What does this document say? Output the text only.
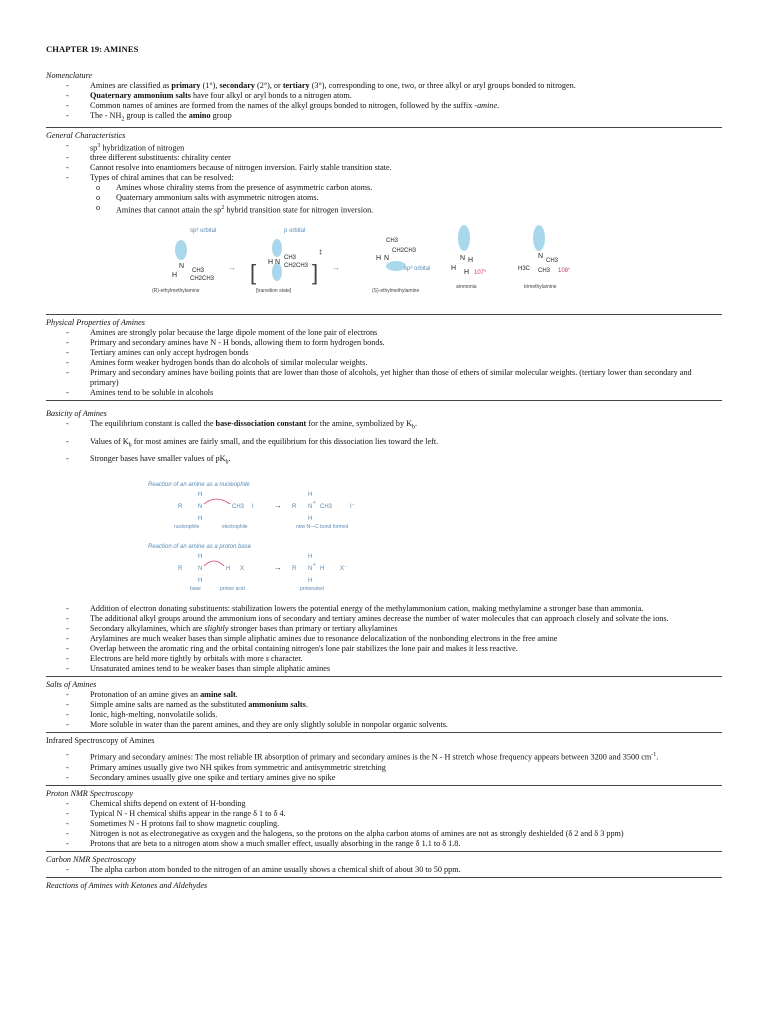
CHAPTER 19: AMINES
Nomenclature
- Amines are classified as primary (1°), secondary (2°), or tertiary (3°), corresponding to one, two, or three alkyl or aryl groups bonded to nitrogen.
- Quaternary ammonium salts have four alkyl or aryl bonds to a nitrogen atom.
- Common names of amines are formed from the names of the alkyl groups bonded to nitrogen, followed by the suffix -amine.
- The - $NH_2$ group is called the amino group
General Characteristics
- $sp^3$ hybridization of nitrogen
- three different substituents: chirality center
- Cannot resolve into enantiomers because of nitrogen inversion. Fairly stable transition state.
- Types of chiral amines that can be resolved:
o Amines whose chirality stems from the presence of asymmetric carbon atoms.
o Quaternary ammonium salts with asymmetric nitrogen atoms.
o Amines that cannot attain the $sp^2$ hybrid transition state for nitrogen inversion.
sp³ orbital
H
N
CH3
CH2CH3
(R)-ethylmethylamine
→ [
p orbital
H N
CH3
CH2CH3 ]
‡
[transition state]
→
CH3
H N
CH2CH3
sp³ orbital
(S)-ethylmethylamine
H
N H
H 107°
ammonia
N
CH3
H3C CH3 108°
trimethylamine
Physical Properties of Amines
- Amines are strongly polar because the large dipole moment of the lone pair of electrons
- Primary and secondary amines have N - H bonds, allowing them to form hydrogen bonds.
- Tertiary amines can only accept hydrogen bonds
- Amines form weaker hydrogen bonds than do alcohols of similar molecular weights.
- Primary and secondary amines have boiling points that are lower than those of alcohols, yet higher than those of ethers of similar molecular weights. (tertiary lower than secondary and primary)
- Amines tend to be soluble in alcohols
Basicity of Amines
- The equilibrium constant is called the base-dissociation constant for the amine, symbolized by $K_b$.
- Values of $K_b$ for most amines are fairly small, and the equilibrium for this dissociation lies toward the left.
- Stronger bases have smaller values of $pK_b$.
Reaction of an amine as a nucleophile
H
R	N
H
CH3 I
nucleophile	electrophile
→
H
R N
+
CH3
H
I⁻
new N—C bond formed
Reaction of an amine as a proton base
H
R	N
H
H X
base	proton acid
→
H
R N
+
H
H
X⁻
protonated
- Addition of electron donating substituents: stabilization lowers the potential energy of the methylammonium cation, making methylamine a stronger base than ammonia.
- The additional alkyl groups around the ammonium ions of secondary and tertiary amines decrease the number of water molecules that can approach closely and solvate the ions.
- Secondary alkylamines, which are slightly stronger bases than primary or tertiary alkylamines
- Arylamines are much weaker bases than simple aliphatic amines due to resonance delocalization of the nonbonding electrons in the free amine
- Overlap between the aromatic ring and the orbital containing nitrogen's lone pair stabilizes the lone pair and makes it less reactive.
- Electrons are held more tightly by orbitals with more s character.
- Unsaturated amines tend to be weaker bases than simple aliphatic amines
Salts of Amines
- Protonation of an amine gives an amine salt.
- Simple amine salts are named as the substituted ammonium salts.
- Ionic, high-melting, nonvolatile solids.
- More soluble in water than the parent amines, and they are only slightly soluble in nonpolar organic solvents.
Infrared Spectroscopy of Amines
- Primary and secondary amines: The most reliable IR absorption of primary and secondary amines is the N - H stretch whose frequency appears between 3200 and 3500 $cm^{-1}$.
- Primary amines usually give two NH spikes from symmetric and antisymmetric stretching
- Secondary amines usually give one spike and tertiary amines give no spike
Proton NMR Spectroscopy
- Chemical shifts depend on extent of H-bonding
- Typical N - H chemical shifts appear in the range δ 1 to δ 4.
- Sometimes N - H protons fail to show magnetic coupling.
- Nitrogen is not as electronegative as oxygen and the halogens, so the protons on the alpha carbon atoms of amines are not as strongly deshielded (δ 2 and δ 3 ppm)
- Protons that are beta to a nitrogen atom show a much smaller effect, usually absorbing in the range δ 1.1 to δ 1.8.
Carbon NMR Spectroscopy
- The alpha carbon atom bonded to the nitrogen of an amine usually shows a chemical shift of about 30 to 50 ppm.
Reactions of Amines with Ketones and Aldehydes
